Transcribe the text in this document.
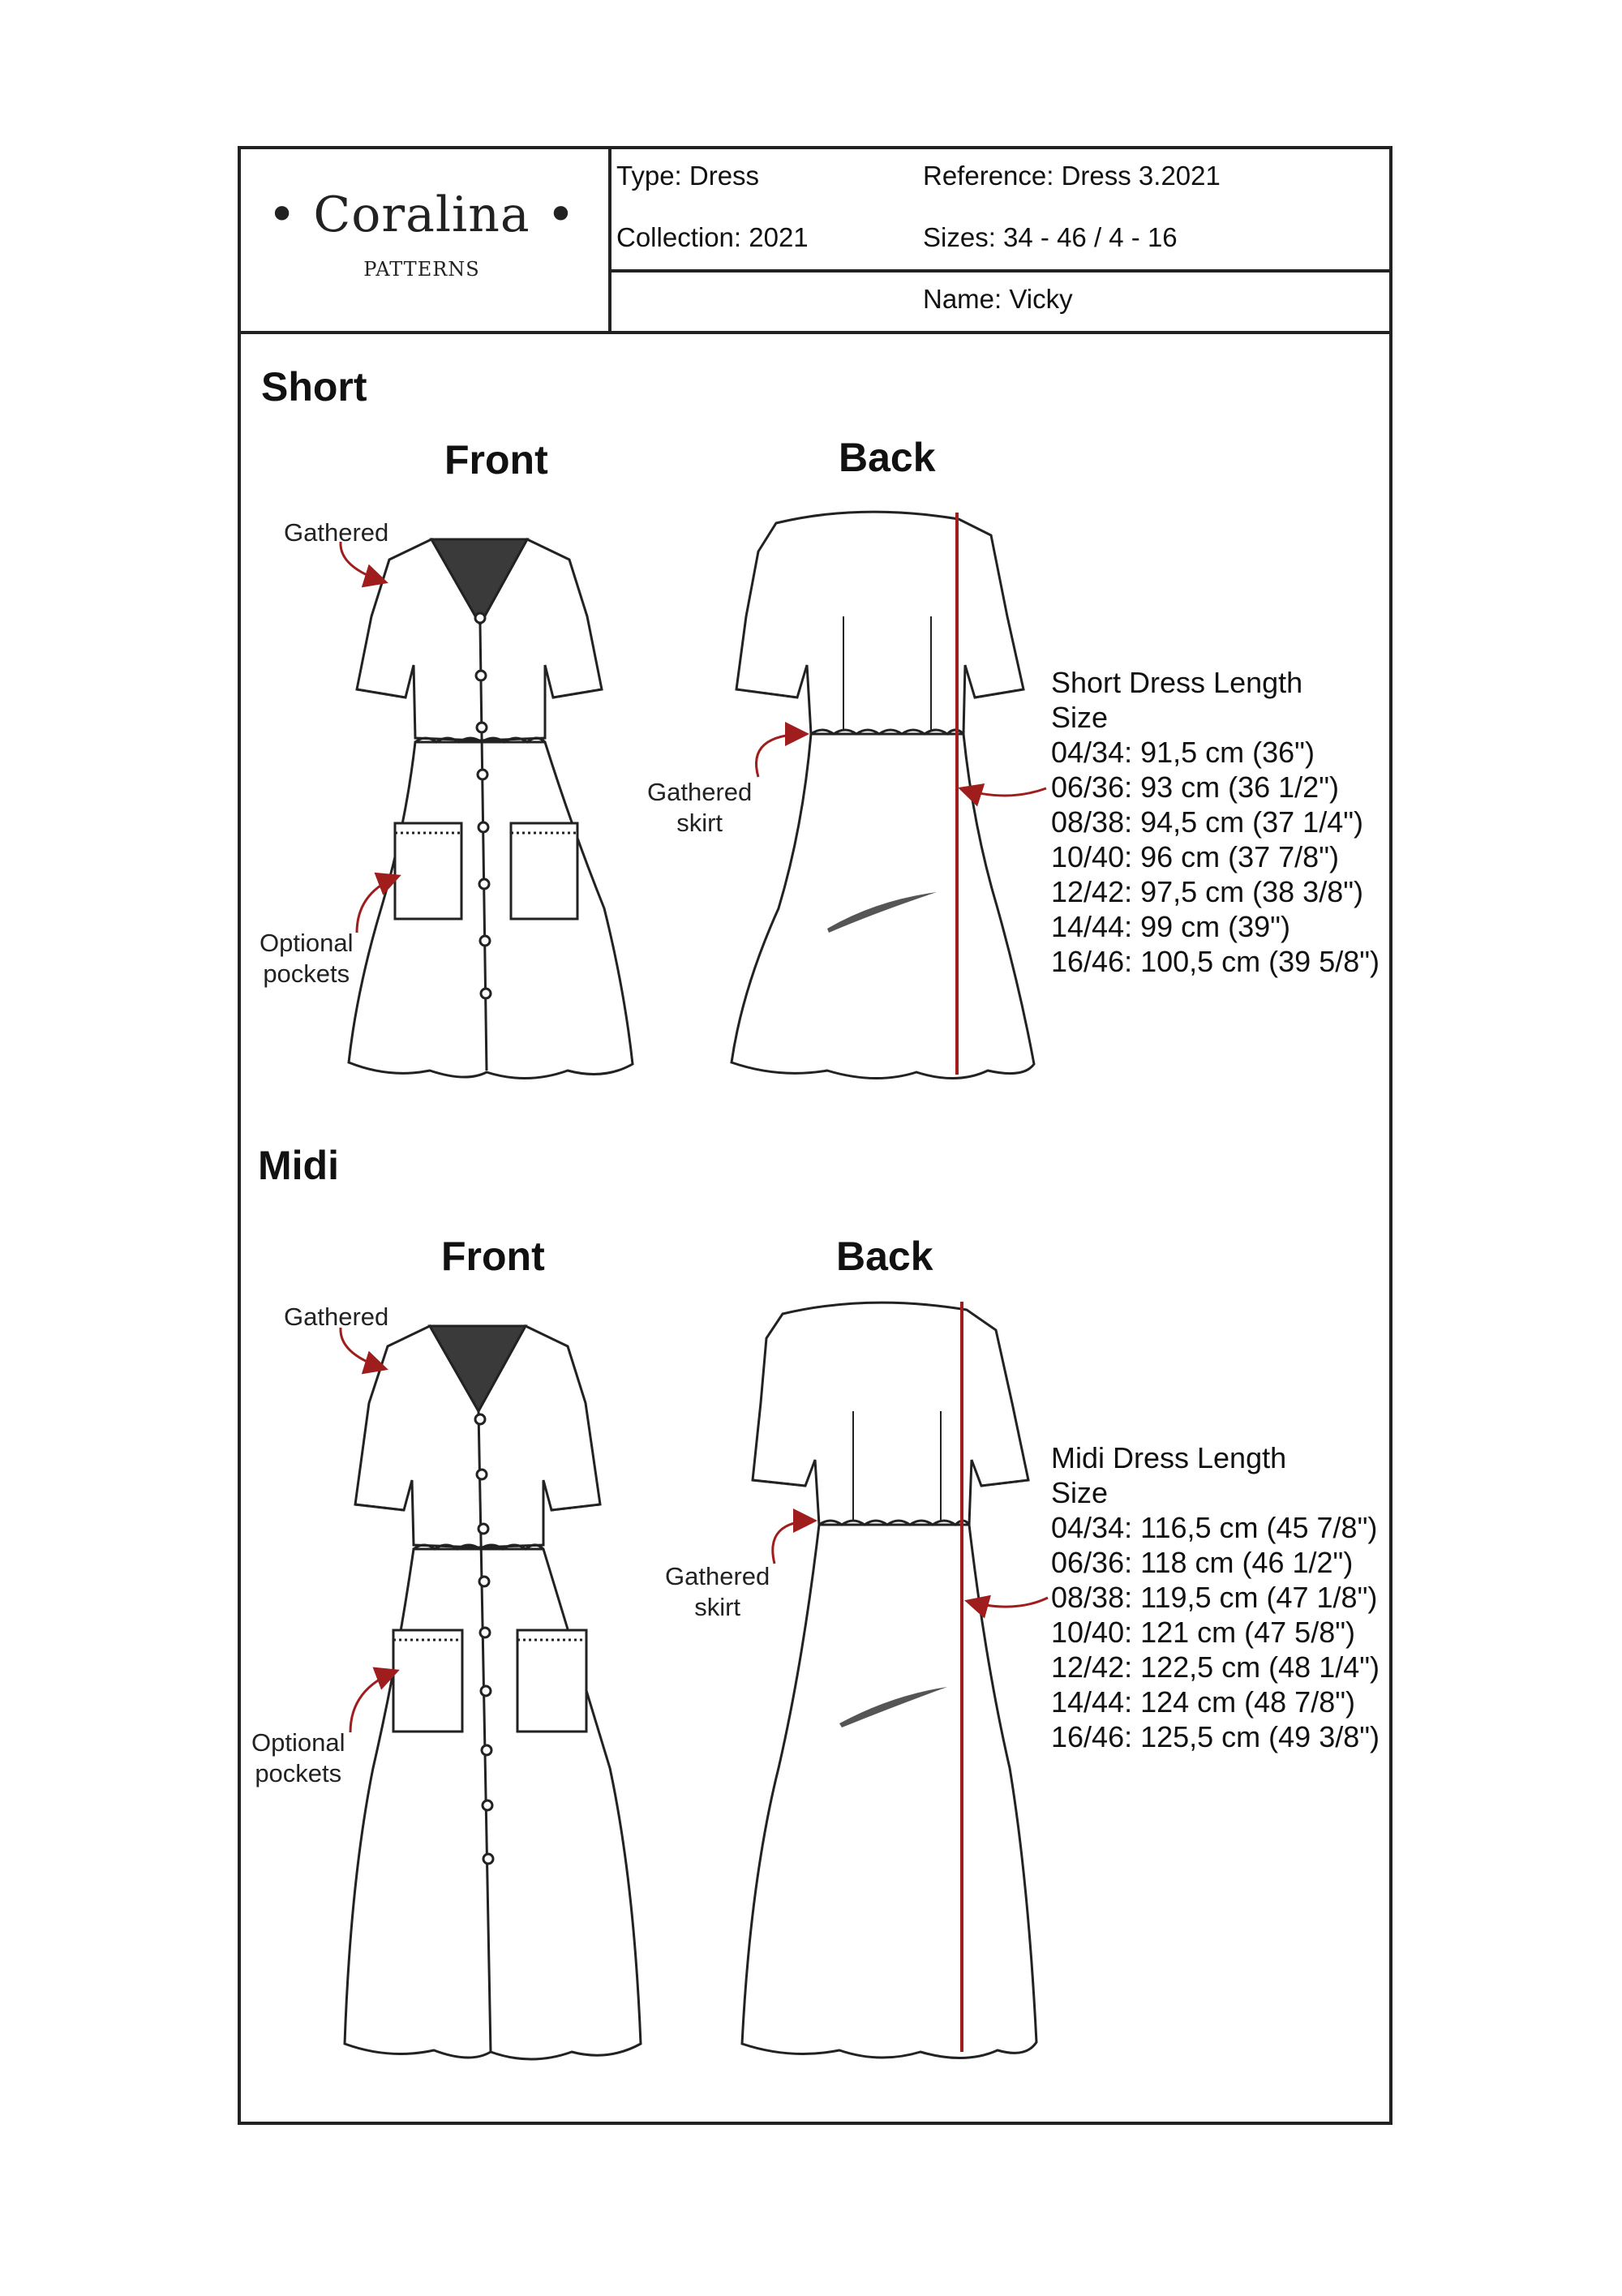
• Coralina •
PATTERNS
Type: Dress	Reference: Dress 3.2021
Collection: 2021	Sizes: 34 - 46 / 4 - 16
Name: Vicky
Short
Midi
Front	Back
Front	Back
Gathered
Optional
pockets
Gathered
skirt
Gathered
Optional
pockets
Gathered
skirt
Short Dress Length
Size
04/34: 91,5 cm (36")
06/36: 93 cm (36 1/2")
08/38: 94,5 cm (37 1/4")
10/40: 96 cm (37 7/8")
12/42: 97,5 cm (38 3/8")
14/44: 99 cm (39")
16/46: 100,5 cm (39 5/8")
Midi Dress Length
Size
04/34: 116,5 cm (45 7/8")
06/36: 118 cm (46 1/2")
08/38: 119,5 cm (47 1/8")
10/40: 121 cm (47 5/8")
12/42: 122,5 cm (48 1/4")
14/44: 124 cm (48 7/8")
16/46: 125,5 cm (49 3/8")
